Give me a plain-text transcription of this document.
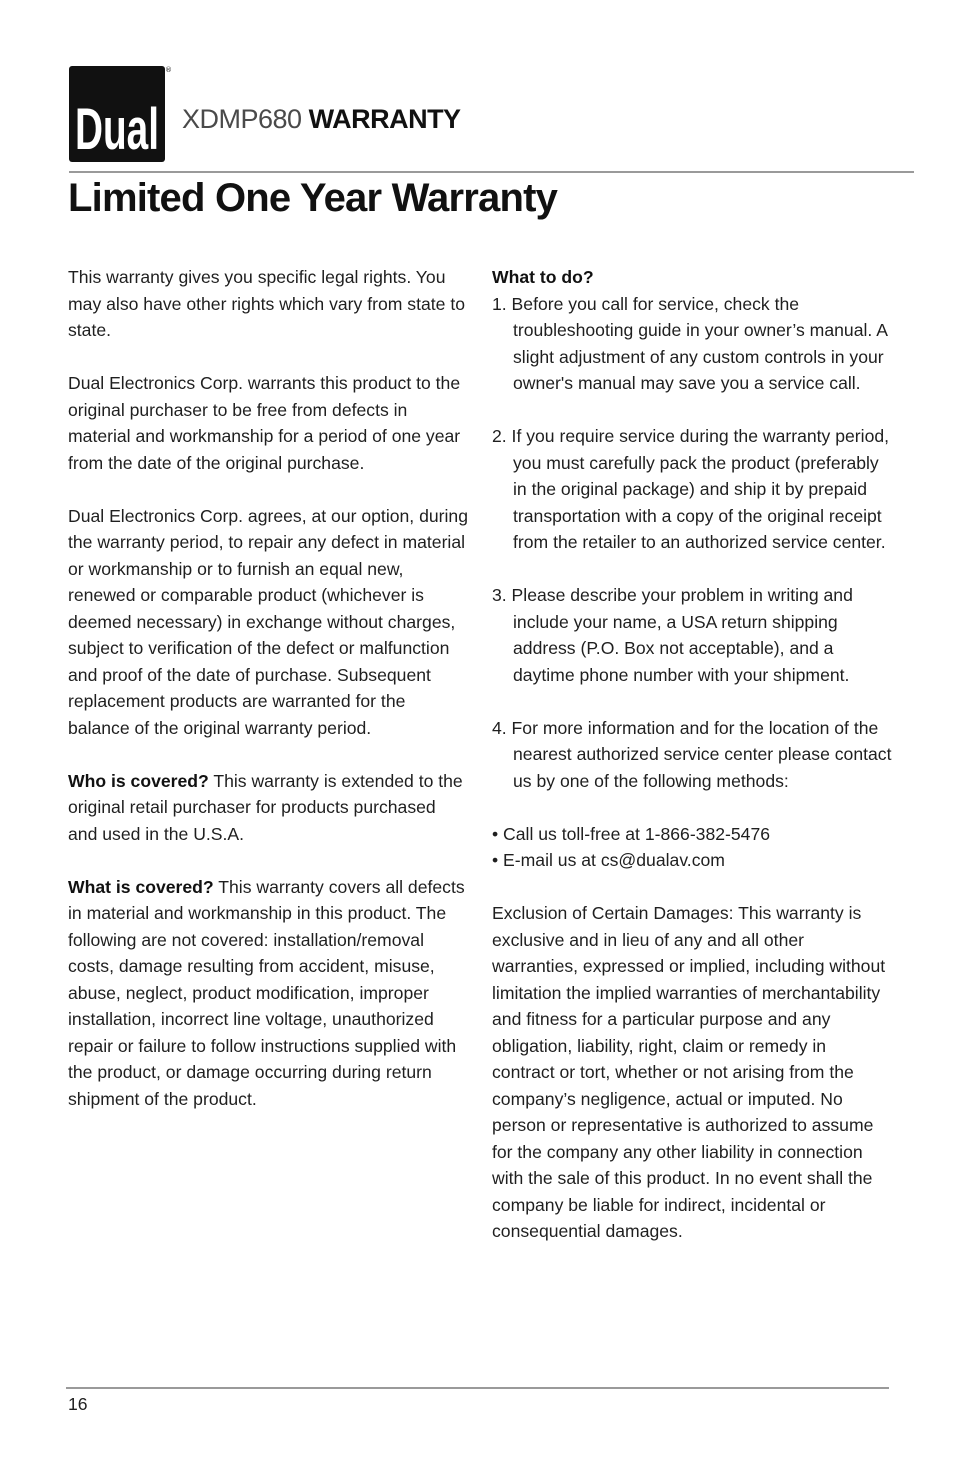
Dual
®
XDMP680 WARRANTY
Limited One Year Warranty

This warranty gives you specific legal rights. You may also have other rights which vary from state to state.

Dual Electronics Corp. warrants this product to the original purchaser to be free from defects in material and workmanship for a period of one year from the date of the original purchase.

Dual Electronics Corp. agrees, at our option, during the warranty period, to repair any defect in material or workmanship or to furnish an equal new, renewed or comparable product (whichever is deemed necessary) in exchange without charges, subject to verification of the defect or malfunction and proof of the date of purchase. Subsequent replacement products are warranted for the balance of the original warranty period.

Who is covered? This warranty is extended to the original retail purchaser for products purchased and used in the U.S.A.

What is covered? This warranty covers all defects in material and workmanship in this product. The following are not covered: installation/removal costs, damage resulting from accident, misuse, abuse, neglect, product modification, improper installation, incorrect line voltage, unauthorized repair or failure to follow instructions supplied with the product, or damage occurring during return shipment of the product.

What to do?

1. Before you call for service, check the troubleshooting guide in your owner’s manual. A slight adjustment of any custom controls in your owner's manual may save you a service call.

2. If you require service during the warranty period, you must carefully pack the product (preferably in the original package) and ship it by prepaid transportation with a copy of the original receipt from the retailer to an authorized service center.

3. Please describe your problem in writing and include your name, a USA return shipping address (P.O. Box not acceptable), and a daytime phone number with your shipment.

4. For more information and for the location of the nearest authorized service center please contact us by one of the following methods:

• Call us toll-free at 1-866-382-5476

• E-mail us at cs@dualav.com

Exclusion of Certain Damages: This warranty is exclusive and in lieu of any and all other warranties, expressed or implied, including without limitation the implied warranties of merchantability and fitness for a particular purpose and any obligation, liability, right, claim or remedy in contract or tort, whether or not arising from the company’s negligence, actual or imputed. No person or representative is authorized to assume for the company any other liability in connection with the sale of this product. In no event shall the company be liable for indirect, incidental or consequential damages.

16
